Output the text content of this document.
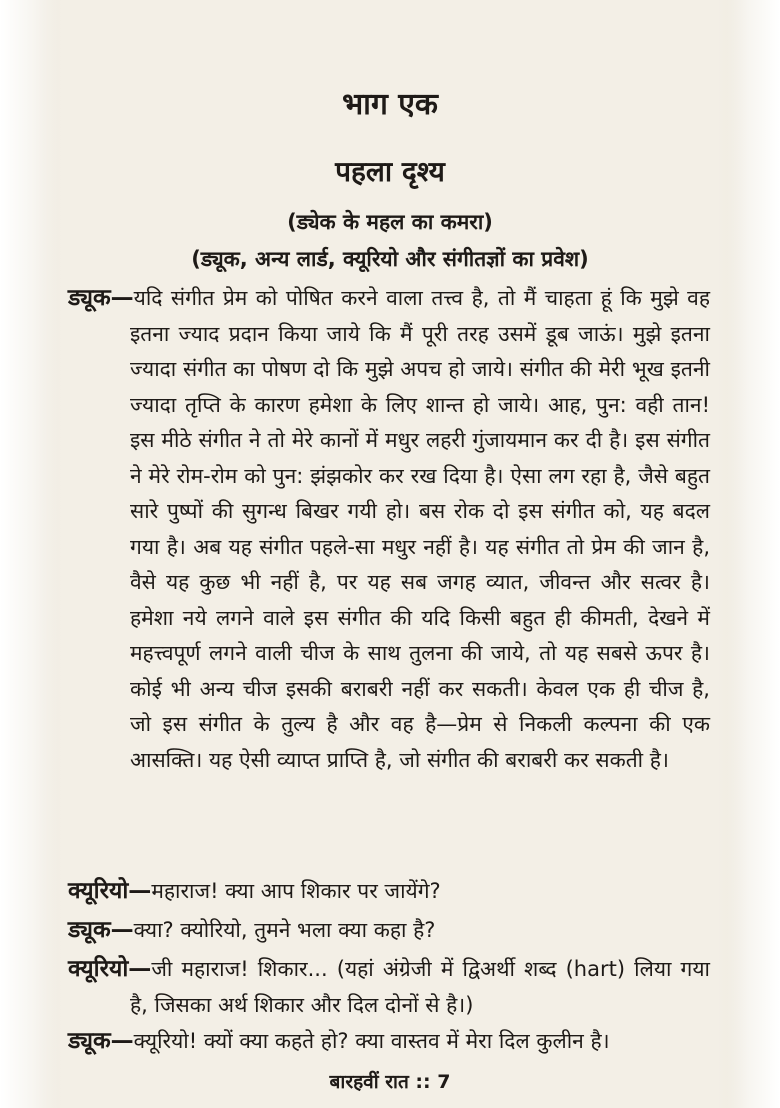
भाग एक
पहला दृश्य
(ड्येक के महल का कमरा)
(ड्यूक, अन्य लार्ड, क्यूरियो और संगीतज्ञों का प्रवेश)
ड्यूक—यदि संगीत प्रेम को पोषित करने वाला तत्त्व है, तो मैं चाहता हूं कि मुझे वह इतना ज्याद प्रदान किया जाये कि मैं पूरी तरह उसमें डूब जाऊं। मुझे इतना ज्यादा संगीत का पोषण दो कि मुझे अपच हो जाये। संगीत की मेरी भूख इतनी ज्यादा तृप्ति के कारण हमेशा के लिए शान्त हो जाये। आह, पुन: वही तान! इस मीठे संगीत ने तो मेरे कानों में मधुर लहरी गुंजायमान कर दी है। इस संगीत ने मेरे रोम-रोम को पुन: झंझकोर कर रख दिया है। ऐसा लग रहा है, जैसे बहुत सारे पुष्पों की सुगन्ध बिखर गयी हो। बस रोक दो इस संगीत को, यह बदल गया है। अब यह संगीत पहले-सा मधुर नहीं है। यह संगीत तो प्रेम की जान है, वैसे यह कुछ भी नहीं है, पर यह सब जगह व्यात, जीवन्त और सत्वर है। हमेशा नये लगने वाले इस संगीत की यदि किसी बहुत ही कीमती, देखने में महत्त्वपूर्ण लगने वाली चीज के साथ तुलना की जाये, तो यह सबसे ऊपर है। कोई भी अन्य चीज इसकी बराबरी नहीं कर सकती। केवल एक ही चीज है, जो इस संगीत के तुल्य है और वह है—प्रेम से निकली कल्पना की एक आसक्ति। यह ऐसी व्याप्त प्राप्ति है, जो संगीत की बराबरी कर सकती है।
क्यूरियो—महाराज! क्या आप शिकार पर जायेंगे?
ड्यूक—क्या? क्योरियो, तुमने भला क्या कहा है?
क्यूरियो—जी महाराज! शिकार... (यहां अंग्रेजी में द्विअर्थी शब्द (hart) लिया गया है, जिसका अर्थ शिकार और दिल दोनों से है।)
ड्यूक—क्यूरियो! क्यों क्या कहते हो? क्या वास्तव में मेरा दिल कुलीन है।
बारहवीं रात :: 7
